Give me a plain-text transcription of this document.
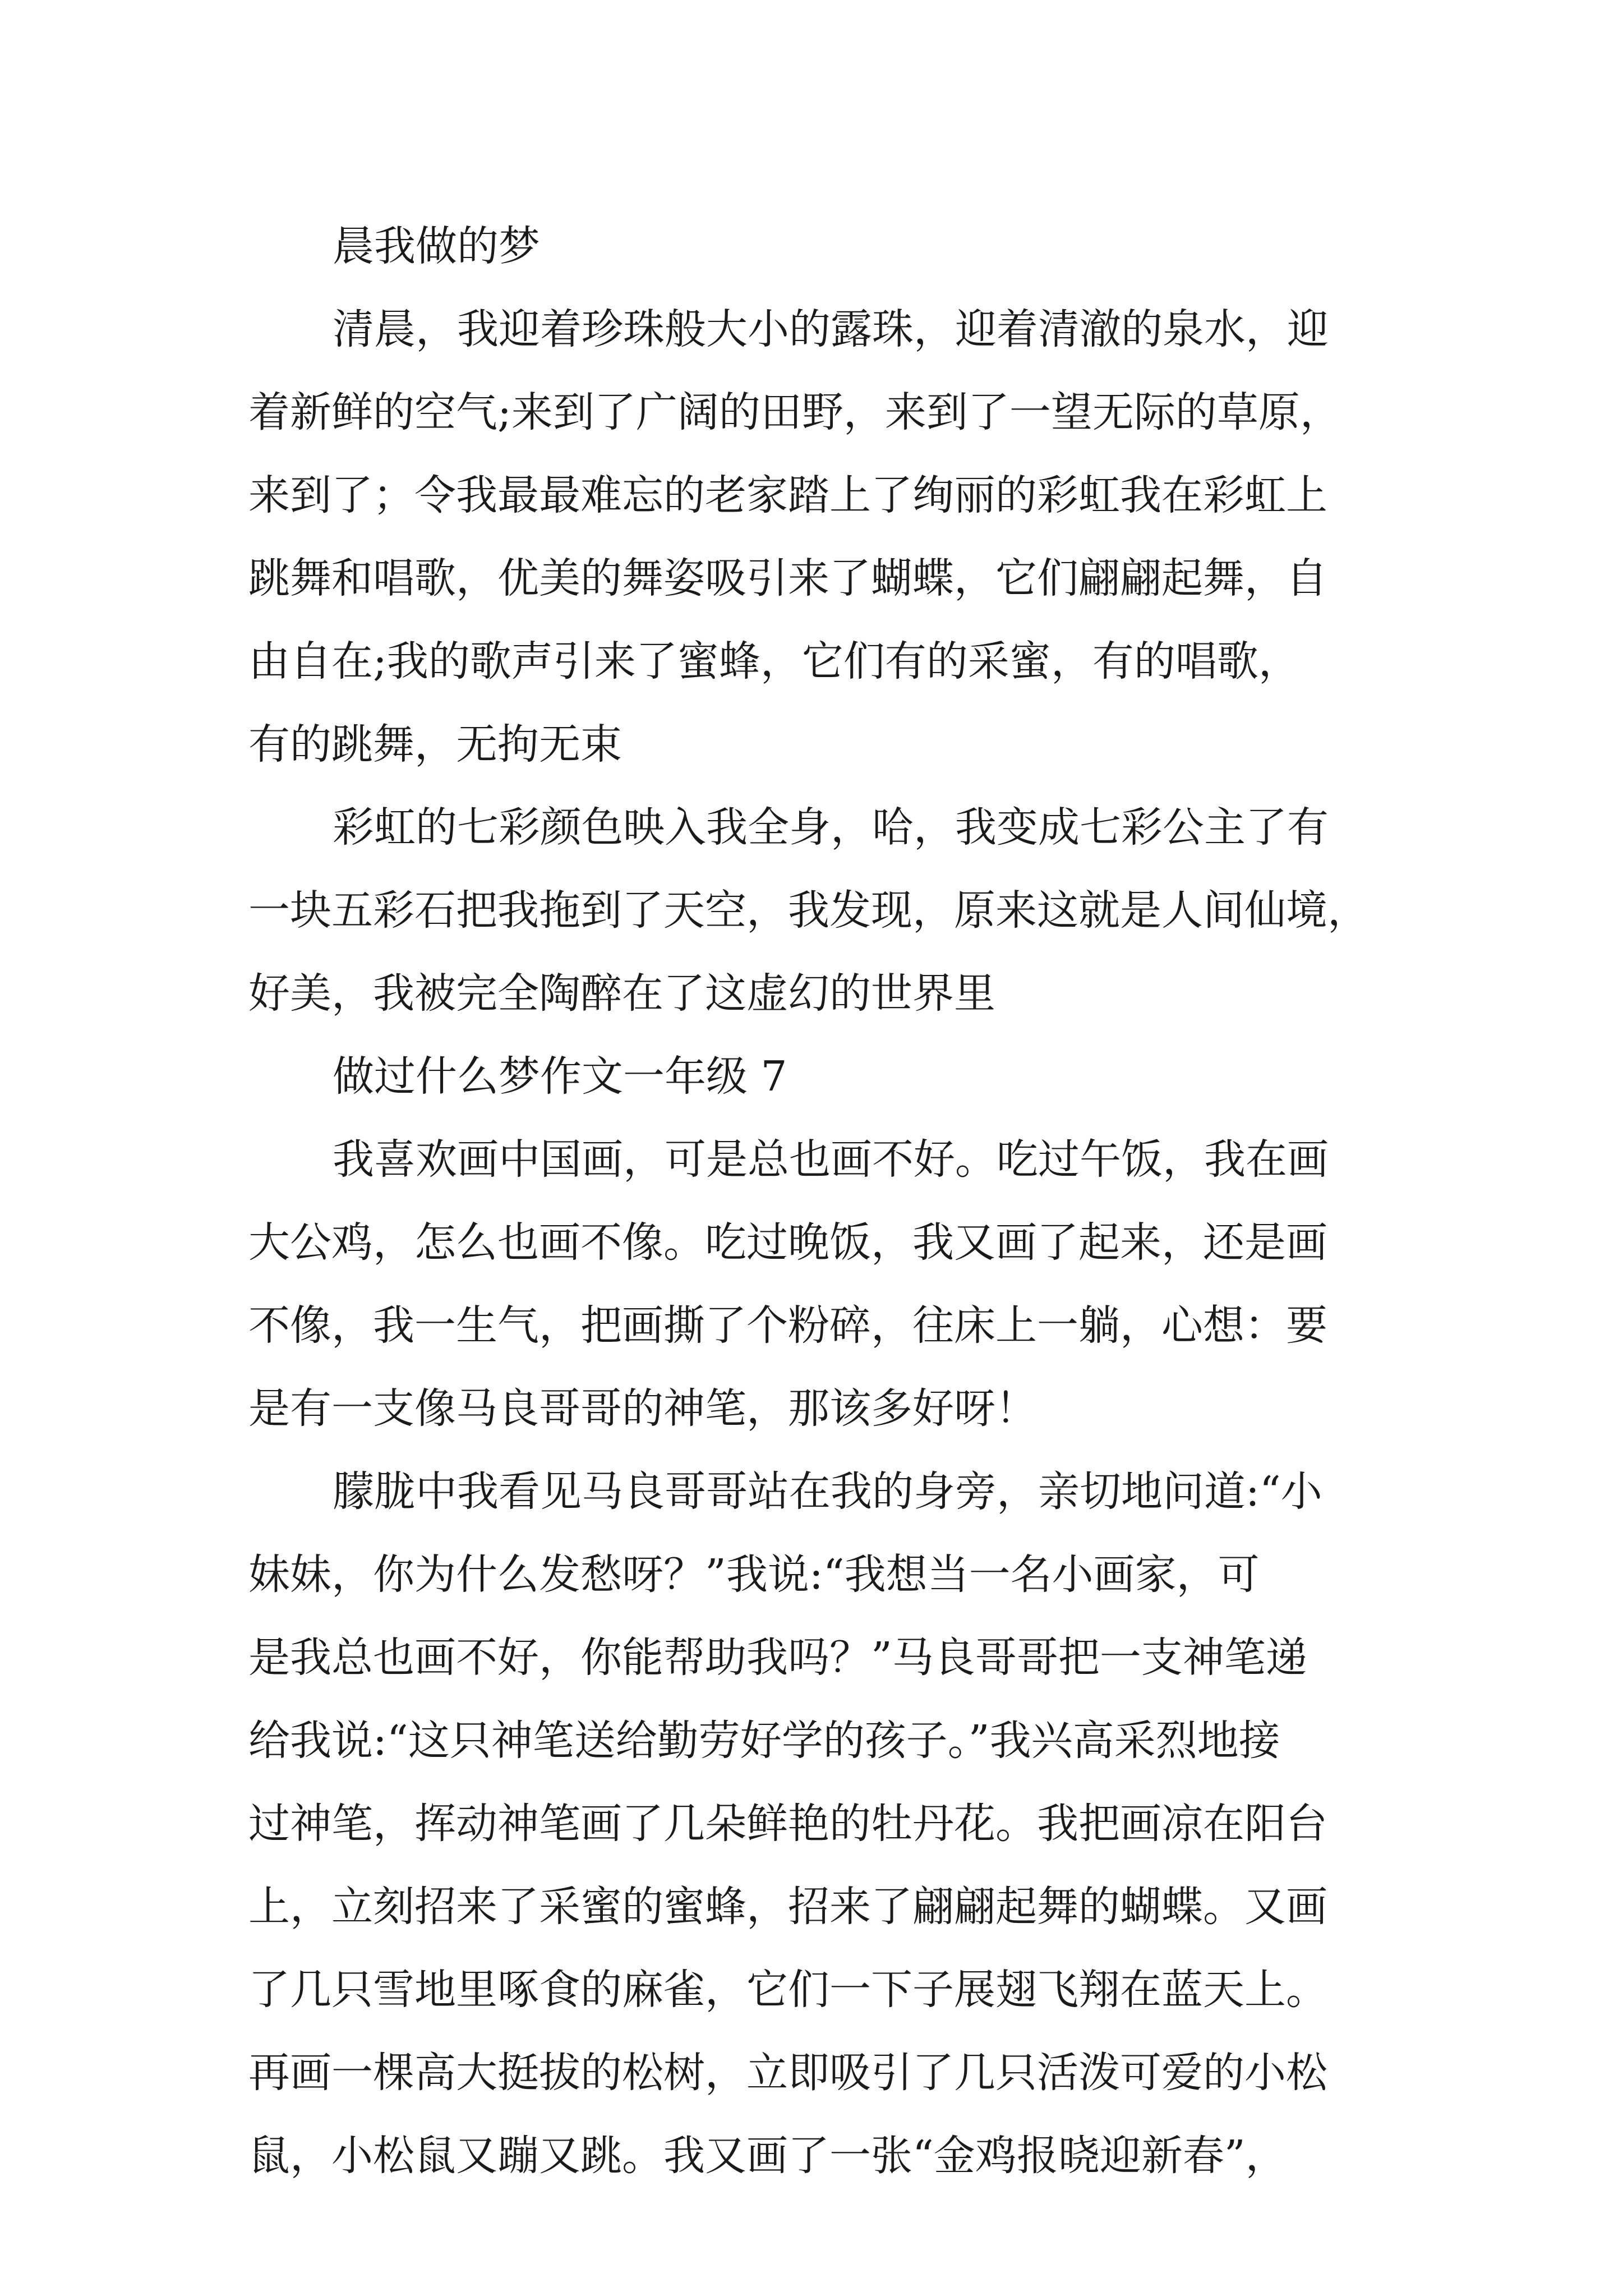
晨我做的梦
清晨，我迎着珍珠般大小的露珠，迎着清澈的泉水，迎
着新鲜的空气;来到了广阔的田野，来到了一望无际的草原，
来到了；令我最最难忘的老家踏上了绚丽的彩虹我在彩虹上
跳舞和唱歌，优美的舞姿吸引来了蝴蝶，它们翩翩起舞，自
由自在;我的歌声引来了蜜蜂，它们有的采蜜，有的唱歌，
有的跳舞，无拘无束
彩虹的七彩颜色映入我全身，哈，我变成七彩公主了有
一块五彩石把我拖到了天空，我发现，原来这就是人间仙境，
好美，我被完全陶醉在了这虚幻的世界里
做过什么梦作文一年级 7
我喜欢画中国画，可是总也画不好。吃过午饭，我在画
大公鸡，怎么也画不像。吃过晚饭，我又画了起来，还是画
不像，我一生气，把画撕了个粉碎，往床上一躺，心想：要
是有一支像马良哥哥的神笔，那该多好呀！
朦胧中我看见马良哥哥站在我的身旁，亲切地问道:“小
妹妹，你为什么发愁呀？”我说:“我想当一名小画家，可
是我总也画不好，你能帮助我吗？”马良哥哥把一支神笔递
给我说:“这只神笔送给勤劳好学的孩子。”我兴高采烈地接
过神笔，挥动神笔画了几朵鲜艳的牡丹花。我把画凉在阳台
上，立刻招来了采蜜的蜜蜂，招来了翩翩起舞的蝴蝶。又画
了几只雪地里啄食的麻雀，它们一下子展翅飞翔在蓝天上。
再画一棵高大挺拔的松树，立即吸引了几只活泼可爱的小松
鼠，小松鼠又蹦又跳。我又画了一张“金鸡报晓迎新春”，
